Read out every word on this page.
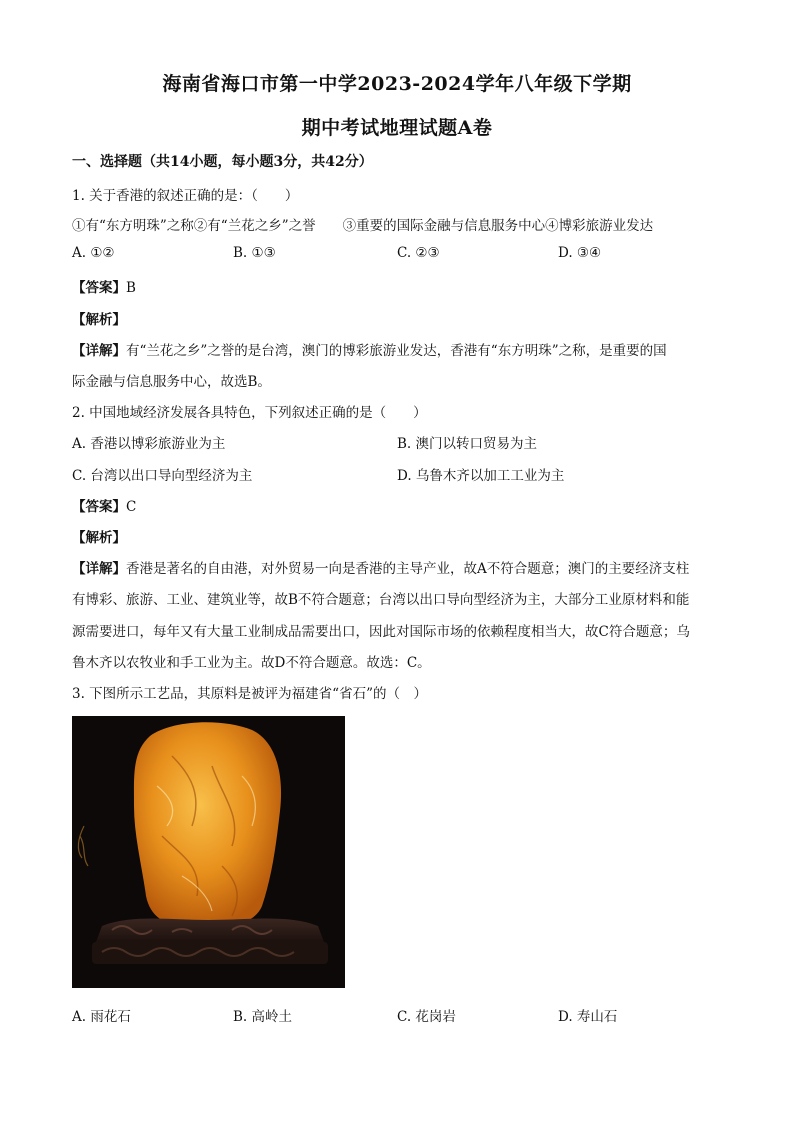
海南省海口市第一中学2023-2024学年八年级下学期
期中考试地理试题A卷
一、选择题（共14小题，每小题3分，共42分）
1. 关于香港的叙述正确的是：（　　）
①有“东方明珠”之称②有“兰花之乡”之誉　　③重要的国际金融与信息服务中心④博彩旅游业发达
A. ①②	B. ①③	C. ②③	D. ③④
【答案】B
【解析】
【详解】有“兰花之乡”之誉的是台湾，澳门的博彩旅游业发达，香港有“东方明珠”之称，是重要的国
际金融与信息服务中心，故选B。
2. 中国地域经济发展各具特色，下列叙述正确的是（　　）
A. 香港以博彩旅游业为主	B. 澳门以转口贸易为主
C. 台湾以出口导向型经济为主	D. 乌鲁木齐以加工工业为主
【答案】C
【解析】
【详解】香港是著名的自由港，对外贸易一向是香港的主导产业，故A不符合题意；澳门的主要经济支柱
有博彩、旅游、工业、建筑业等，故B不符合题意；台湾以出口导向型经济为主，大部分工业原材料和能
源需要进口，每年又有大量工业制成品需要出口，因此对国际市场的依赖程度相当大，故C符合题意；乌
鲁木齐以农牧业和手工业为主。故D不符合题意。故选：C。
3. 下图所示工艺品，其原料是被评为福建省“省石”的（　）
A. 雨花石	B. 高岭土	C. 花岗岩	D. 寿山石
